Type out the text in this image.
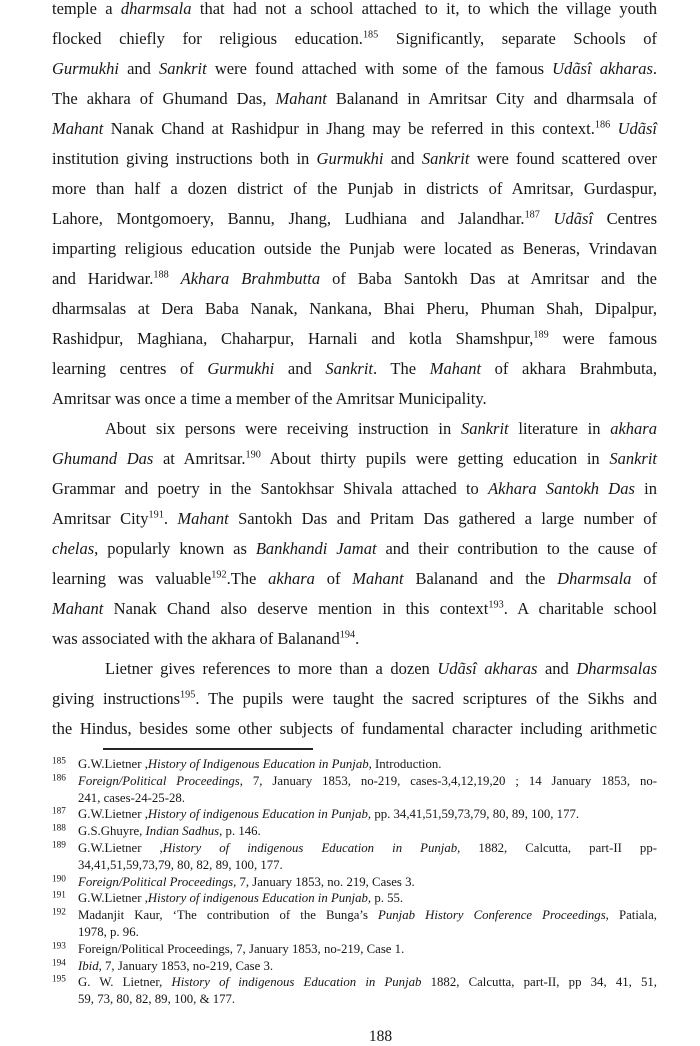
temple a dharmsala that had not a school attached to it, to which the village youth
flocked chiefly for religious education.$^{185}$ Significantly, separate Schools of
Gurmukhi and Sankrit were found attached with some of the famous Udãsî akharas.
The akhara of Ghumand Das, Mahant Balanand in Amritsar City and dharmsala of
Mahant Nanak Chand at Rashidpur in Jhang may be referred in this context.$^{186}$ Udãsî
institution giving instructions both in Gurmukhi and Sankrit were found scattered over
more than half a dozen district of the Punjab in districts of Amritsar, Gurdaspur,
Lahore, Montgomoery, Bannu, Jhang, Ludhiana and Jalandhar.$^{187}$ Udãsî Centres
imparting religious education outside the Punjab were located as Beneras, Vrindavan
and Haridwar.$^{188}$ Akhara Brahmbutta of Baba Santokh Das at Amritsar and the
dharmsalas at Dera Baba Nanak, Nankana, Bhai Pheru, Phuman Shah, Dipalpur,
Rashidpur, Maghiana, Chaharpur, Harnali and kotla Shamshpur,$^{189}$ were famous
learning centres of Gurmukhi and Sankrit. The Mahant of akhara Brahmbuta,
Amritsar was once a time a member of the Amritsar Municipality.
About six persons were receiving instruction in Sankrit literature in akhara
Ghumand Das at Amritsar.$^{190}$ About thirty pupils were getting education in Sankrit
Grammar and poetry in the Santokhsar Shivala attached to Akhara Santokh Das in
Amritsar City$^{191}$. Mahant Santokh Das and Pritam Das gathered a large number of
chelas, popularly known as Bankhandi Jamat and their contribution to the cause of
learning was valuable$^{192}$.The akhara of Mahant Balanand and the Dharmsala of
Mahant Nanak Chand also deserve mention in this context$^{193}$. A charitable school
was associated with the akhara of Balanand$^{194}$.
Lietner gives references to more than a dozen Udãsî akharas and Dharmsalas
giving instructions$^{195}$. The pupils were taught the sacred scriptures of the Sikhs and
the Hindus, besides some other subjects of fundamental character including arithmetic
185 G.W.Lietner ,History of Indigenous Education in Punjab, Introduction.
186 Foreign/Political Proceedings, 7, January 1853, no-219, cases-3,4,12,19,20 ; 14 January 1853, no-
241, cases-24-25-28.
187 G.W.Lietner ,History of indigenous Education in Punjab, pp. 34,41,51,59,73,79, 80, 89, 100, 177.
188 G.S.Ghuyre, Indian Sadhus, p. 146.
189 G.W.Lietner ,History of indigenous Education in Punjab, 1882, Calcutta, part-II pp-
34,41,51,59,73,79, 80, 82, 89, 100, 177.
190 Foreign/Political Proceedings, 7, January 1853, no. 219, Cases 3.
191 G.W.Lietner ,History of indigenous Education in Punjab, p. 55.
192 Madanjit Kaur, ‘The contribution of the Bunga’s Punjab History Conference Proceedings, Patiala,
1978, p. 96.
193 Foreign/Political Proceedings, 7, January 1853, no-219, Case 1.
194 Ibid, 7, January 1853, no-219, Case 3.
195 G. W. Lietner, History of indigenous Education in Punjab 1882, Calcutta, part-II, pp 34, 41, 51,
59, 73, 80, 82, 89, 100, & 177.
188
